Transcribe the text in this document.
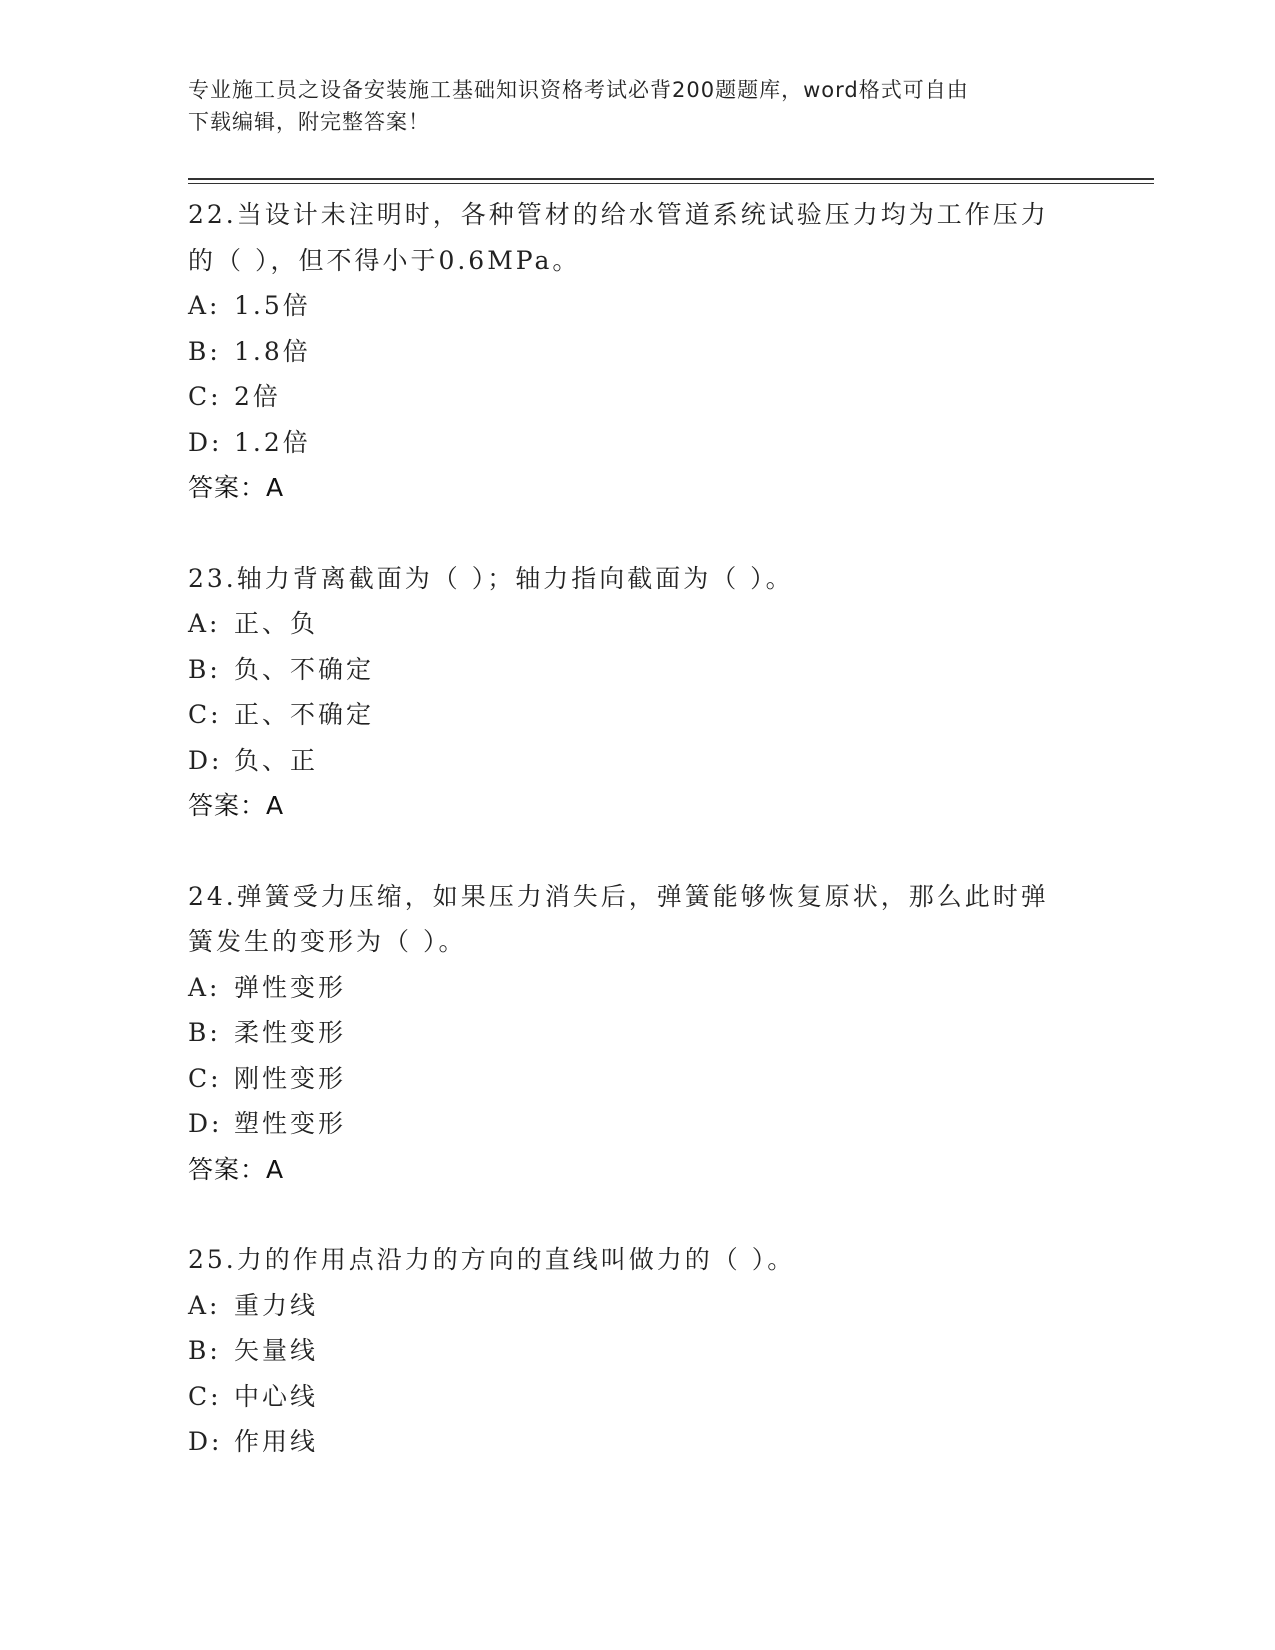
专业施工员之设备安装施工基础知识资格考试必背200题题库，word格式可自由
下载编辑，附完整答案！
22.当设计未注明时，各种管材的给水管道系统试验压力均为工作压力
的（ ），但不得小于0.6MPa。
A: 1.5倍
B: 1.8倍
C: 2倍
D: 1.2倍
答案：A
23.轴力背离截面为（ ）；轴力指向截面为（ ）。
A: 正、负
B: 负、不确定
C: 正、不确定
D: 负、正
答案：A
24.弹簧受力压缩，如果压力消失后，弹簧能够恢复原状，那么此时弹
簧发生的变形为（ ）。
A: 弹性变形
B: 柔性变形
C: 刚性变形
D: 塑性变形
答案：A
25.力的作用点沿力的方向的直线叫做力的（ ）。
A: 重力线
B: 矢量线
C: 中心线
D: 作用线
